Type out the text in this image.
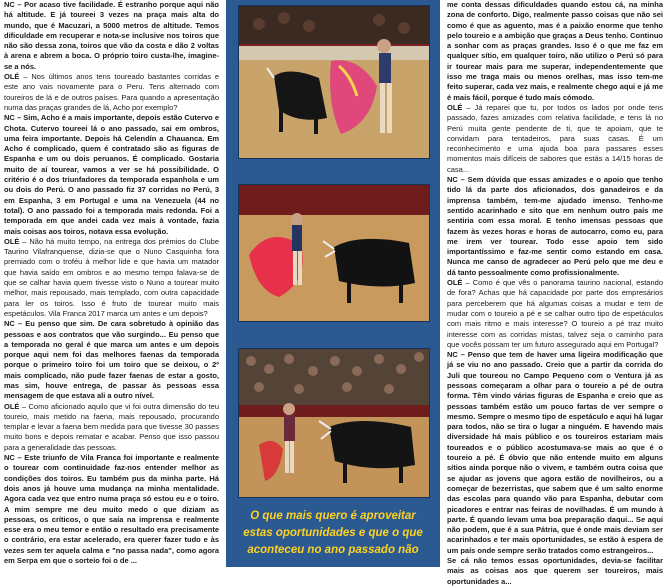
NC – Por acaso tive facilidade. É estranho porque aqui não há altitude. E já toureei 3 vezes na praça mais alta do mundo, que é Macuzari, a 5000 metros de altitude. Temos dificuldade em recuperar e nota-se inclusive nos toiros que não são dessa zona, toiros que vão da costa e dão 2 voltas à arena e abrem a boca. O próprio toiro custa-lhe, imagine-se a nós.

OLÉ – Nos últimos anos tens toureado bastantes corridas e este ano vais novamente para o Peru. Tens alternado com toureiros de lá e de outros países. Para quando a apresentação numa das praças grandes de lá, Acho por exemplo?

NC – Sim, Acho é a mais importante, depois estão Cutervo e Chota. Cutervo toureei lá o ano passado, sai em ombros, uma feira importante. Depois há Celendín a Chauanca. Em Acho é complicado, quem é contratado são as figuras de Espanha e um ou dois peruanos. É complicado. Gostaria muito de aí tourear, vamos a ver se há possibilidade. O critério é o dos triunfadores da temporada espanhola e um ou dois do Perú. O ano passado fiz 37 corridas no Perú, 3 em Espanha, 3 em Portugal e uma na Venezuela (44 no total). O ano passado foi a temporada mais redonda. Foi a temporada em que andei cada vez mais à vontade, fazia mais coisas aos toiros, notava essa evolução.

OLÉ – Não há muito tempo, na entrega dos prémios do Clube Taurino Vilafranquense, dizia-se que o Nuno Casquinha fora premiado com o troféu à melhor lide e que havia um matador que havia saído em ombros e ao mesmo tempo falava-se de que se calhar havia quem tivesse visto o Nuno a tourear muito melhor, mais repousado, mais templado, com outra capacidade para ler os toiros. Isso é fruto de tourear muito mais espetáculos. Vila Franca 2017 marca um antes e um depois?

NC – Eu penso que sim. De cara sobretudo à opinião das pessoas e aos contratos que vão surgindo... Eu penso que a temporada no geral é que marca um antes e um depois porque aqui nem foi das melhores faenas da temporada porque o primeiro toiro foi um toiro que se deixou, o 2º mais complicado, não pude fazer faenas de estar a gosto, mas sim, houve entrega, de passar às pessoas essa mensagem de que estava ali a outro nível.

OLÉ – Como aficionado aquilo que vi foi outra dimensão do teu toureio, mais metido na faena, mais repousado, procurando templar e levar a faena bem medida para que tivesse 30 passes muito bons e depois rematar e acabar. Penso que isso passou para a generalidade das pessoas.

NC – Este triunfo de Vila Franca foi importante e realmente o tourear com continuidade faz-nos entender melhor as condições dos toiros. Eu também pus da minha parte. Há dois anos já houve uma mudança na minha mentalidade. Agora cada vez que entro numa praça só estou eu e o toiro. A mim sempre me deu muito medo o que diziam as pessoas, os críticos, o que saía na imprensa e realmente esse era o meu temor e então o resultado era precisamente o contrário, era estar acelerado, era querer fazer tudo e às vezes sem ter aquela calma e "no passa nada", como agora em Serpa em que o sorteio foi o de ...

O que mais quero é aproveitar
estas oportunidades e que o que
aconteceu no ano passado não

me conta dessas dificuldades quando estou cá, na minha zona de conforto. Digo, realmente passo coisas que não sei como é que as aguento, mas é a paixão enorme que tenho pelo toureio e a ambição que graças a Deus tenho. Continuo a sonhar com as praças grandes. Isso é o que me faz em qualquer sítio, em qualquer toiro, não utilizo o Perú só para ir tourear mais para me superar, independentemente que isso me traga mais ou menos orelhas, mas isso tem-me feito superar, cada vez mais, e realmente chego aqui e já me é mais fácil, porque é tudo mais cómodo.

OLÉ – Já reparei que tu, por todos os lados por onde tens passado, fazes amizades com relativa facilidade, e tens lá no Perú muita gente pendente de ti, que te apoiam, que te convidam para tentadeiros, para suas casas. É um reconhecimento e uma ajuda boa para passares esses momentos mais difíceis de sabores que estás a 14/15 horas de casa...

NC – Sem dúvida que essas amizades e o apoio que tenho tido lá da parte dos aficionados, dos ganadeiros e da imprensa também, tem-me ajudado imenso. Tenho-me sentido acarinhado e sito que em nenhum outro país me sentiria com essa moral. E tenho imensas pessoas que fazem às vezes horas e horas de autocarro, como eu, para me irem ver tourear. Todo esse apoio tem sido importantíssimo e faz-me sentir como estando em casa. Nunca me canso de agradecer ao Perú pelo que me deu e dá tanto pessoalmente como profissionalmente.

OLÉ – Como é que vês o panorama taurino nacional, estando de fora? Achas que há capacidade por parte dos empresários para perceberem que há algumas coisas a mudar e tem de mudar com o toureio a pé e se calhar outro tipo de espetáculos com mais ritmo e mais interesse? O toureio a pé traz muito interesse com as corridas mistas, talvez seja o caminho para que vocês possam ter um futuro assegurado aqui em Portugal?

NC – Penso que tem de haver uma ligeira modificação que já se viu no ano passado. Creio que a partir da corrida do Juli que toureou no Campo Pequeno com o Ventura já as pessoas começaram a olhar para o toureio a pé de outra forma. Têm vindo várias figuras de Espanha e creio que as pessoas também estão um pouco fartas de ver sempre o mesmo. Sempre o mesmo tipo de espetáculo e aqui há lugar para todos, não se tira o lugar a ninguém. E havendo mais diversidade há mais público e os toureiros estariam mais toureados e o público acostumava-se mais ao que é o toureio a pé. É óbvio que não entende muito em alguns sítios ainda porque não o vivem, e também outra coisa que se ajudar as jovens que agora estão de novilheiros, ou a começar de bezerristas, que sabem que é um salto enorme das escolas para quando vão para Espanha, debutar com picadores e entrar nas feiras de novilhadas. É um mundo à parte. É quando levam uma boa preparação daqui... Se aqui não podem, que é a sua Pátria, que é onde mais deviam ser acarinhados e ter mais oportunidades, se estão à espera de um país onde sempre serão tratados como estrangeiros...

Se cá não temos essas oportunidades, devia-se facilitar mais as coisas aos que querem ser toureiros, mais oportunidades a...
